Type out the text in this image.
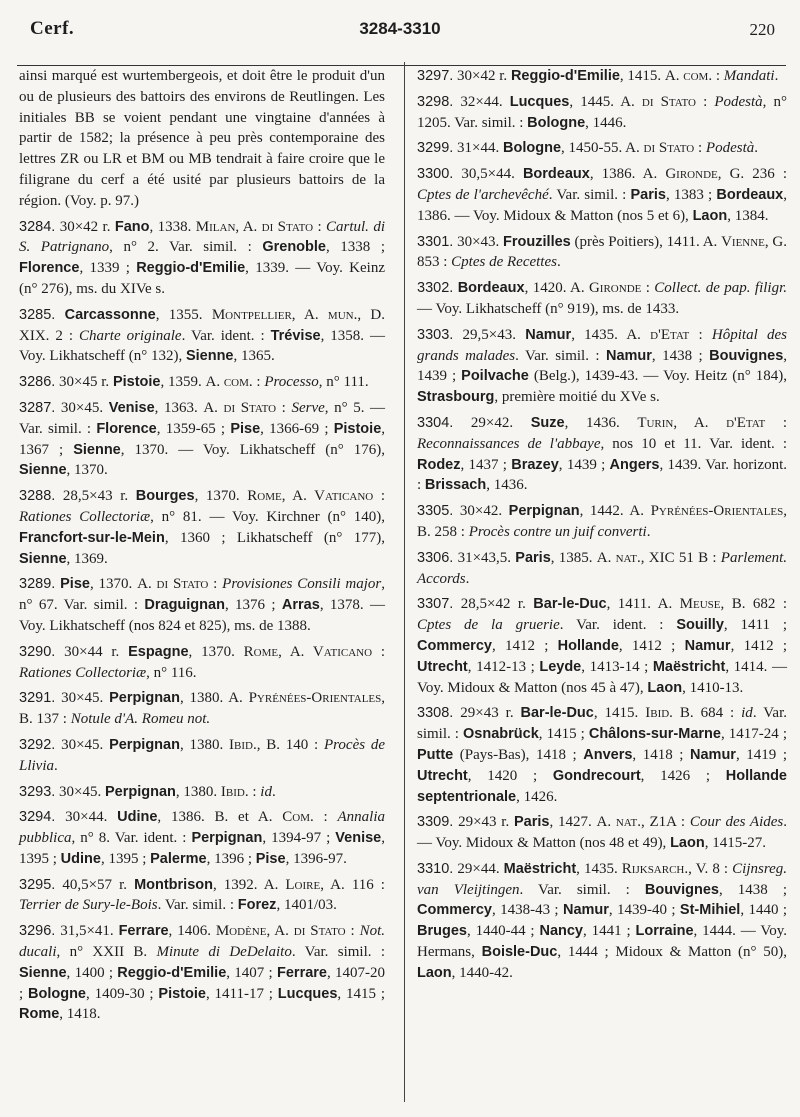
Cerf.	3284-3310	220

ainsi marqué est wurtembergeois, et doit être le produit d'un ou de plusieurs des battoirs des environs de Reutlingen. Les initiales BB se voient pendant une vingtaine d'années à partir de 1582; la présence à peu près contemporaine des lettres ZR ou LR et BM ou MB tendrait à faire croire que le filigrane du cerf a été usité par plusieurs battoirs de la région. (Voy. p. 97.)

3284. 30×42 r. Fano, 1338. Milan, A. di Stato : Cartul. di S. Patrignano, n° 2. Var. simil. : Grenoble, 1338 ; Florence, 1339 ; Reggio-d'Emilie, 1339. — Voy. Keinz (n° 276), ms. du XIVe s.

3285. Carcassonne, 1355. Montpellier, A. mun., D. XIX. 2 : Charte originale. Var. ident. : Trévise, 1358. — Voy. Likhatscheff (n° 132), Sienne, 1365.

3286. 30×45 r. Pistoie, 1359. A. com. : Processo, n° 111.

3287. 30×45. Venise, 1363. A. di Stato : Serve, n° 5. — Var. simil. : Florence, 1359-65 ; Pise, 1366-69 ; Pistoie, 1367 ; Sienne, 1370. — Voy. Likhatscheff (n° 176), Sienne, 1370.

3288. 28,5×43 r. Bourges, 1370. Rome, A. Vaticano : Rationes Collectoriæ, n° 81. — Voy. Kirchner (n° 140), Francfort-sur-le-Mein, 1360 ; Likhatscheff (n° 177), Sienne, 1369.

3289. Pise, 1370. A. di Stato : Provisiones Consili major, n° 67. Var. simil. : Draguignan, 1376 ; Arras, 1378. — Voy. Likhatscheff (nos 824 et 825), ms. de 1388.

3290. 30×44 r. Espagne, 1370. Rome, A. Vaticano : Rationes Collectoriæ, n° 116.

3291. 30×45. Perpignan, 1380. A. Pyrénées-Orientales, B. 137 : Notule d'A. Romeu not.

3292. 30×45. Perpignan, 1380. Ibid., B. 140 : Procès de Llivia.

3293. 30×45. Perpignan, 1380. Ibid. : id.

3294. 30×44. Udine, 1386. B. et A. Com. : Annalia pubblica, n° 8. Var. ident. : Perpignan, 1394-97 ; Venise, 1395 ; Udine, 1395 ; Palerme, 1396 ; Pise, 1396-97.

3295. 40,5×57 r. Montbrison, 1392. A. Loire, A. 116 : Terrier de Sury-le-Bois. Var. simil. : Forez, 1401/03.

3296. 31,5×41. Ferrare, 1406. Modène, A. di Stato : Not. ducali, n° XXII B. Minute di DeDelaito. Var. simil. : Sienne, 1400 ; Reggio-d'Emilie, 1407 ; Ferrare, 1407-20 ; Bologne, 1409-30 ; Pistoie, 1411-17 ; Lucques, 1415 ; Rome, 1418.

3297. 30×42 r. Reggio-d'Emilie, 1415. A. com. : Mandati.

3298. 32×44. Lucques, 1445. A. di Stato : Podestà, n° 1205. Var. simil. : Bologne, 1446.

3299. 31×44. Bologne, 1450-55. A. di Stato : Podestà.

3300. 30,5×44. Bordeaux, 1386. A. Gironde, G. 236 : Cptes de l'archevêché. Var. simil. : Paris, 1383 ; Bordeaux, 1386. — Voy. Midoux & Matton (nos 5 et 6), Laon, 1384.

3301. 30×43. Frouzilles (près Poitiers), 1411. A. Vienne, G. 853 : Cptes de Recettes.

3302. Bordeaux, 1420. A. Gironde : Collect. de pap. filigr. — Voy. Likhatscheff (n° 919), ms. de 1433.

3303. 29,5×43. Namur, 1435. A. d'Etat : Hôpital des grands malades. Var. simil. : Namur, 1438 ; Bouvignes, 1439 ; Poilvache (Belg.), 1439-43. — Voy. Heitz (n° 184), Strasbourg, première moitié du XVe s.

3304. 29×42. Suze, 1436. Turin, A. d'Etat : Reconnaissances de l'abbaye, nos 10 et 11. Var. ident. : Rodez, 1437 ; Brazey, 1439 ; Angers, 1439. Var. horizont. : Brissach, 1436.

3305. 30×42. Perpignan, 1442. A. Pyrénées-Orientales, B. 258 : Procès contre un juif converti.

3306. 31×43,5. Paris, 1385. A. nat., XIC 51 B : Parlement. Accords.

3307. 28,5×42 r. Bar-le-Duc, 1411. A. Meuse, B. 682 : Cptes de la gruerie. Var. ident. : Souilly, 1411 ; Commercy, 1412 ; Hollande, 1412 ; Namur, 1412 ; Utrecht, 1412-13 ; Leyde, 1413-14 ; Maëstricht, 1414. — Voy. Midoux & Matton (nos 45 à 47), Laon, 1410-13.

3308. 29×43 r. Bar-le-Duc, 1415. Ibid. B. 684 : id. Var. simil. : Osnabrück, 1415 ; Châlons-sur-Marne, 1417-24 ; Putte (Pays-Bas), 1418 ; Anvers, 1418 ; Namur, 1419 ; Utrecht, 1420 ; Gondrecourt, 1426 ; Hollande septentrionale, 1426.

3309. 29×43 r. Paris, 1427. A. nat., Z1A : Cour des Aides. — Voy. Midoux & Matton (nos 48 et 49), Laon, 1415-27.

3310. 29×44. Maëstricht, 1435. Rijksarch., V. 8 : Cijnsreg. van Vleijtingen. Var. simil. : Bouvignes, 1438 ; Commercy, 1438-43 ; Namur, 1439-40 ; St-Mihiel, 1440 ; Bruges, 1440-44 ; Nancy, 1441 ; Lorraine, 1444. — Voy. Hermans, Boisle-Duc, 1444 ; Midoux & Matton (n° 50), Laon, 1440-42.
